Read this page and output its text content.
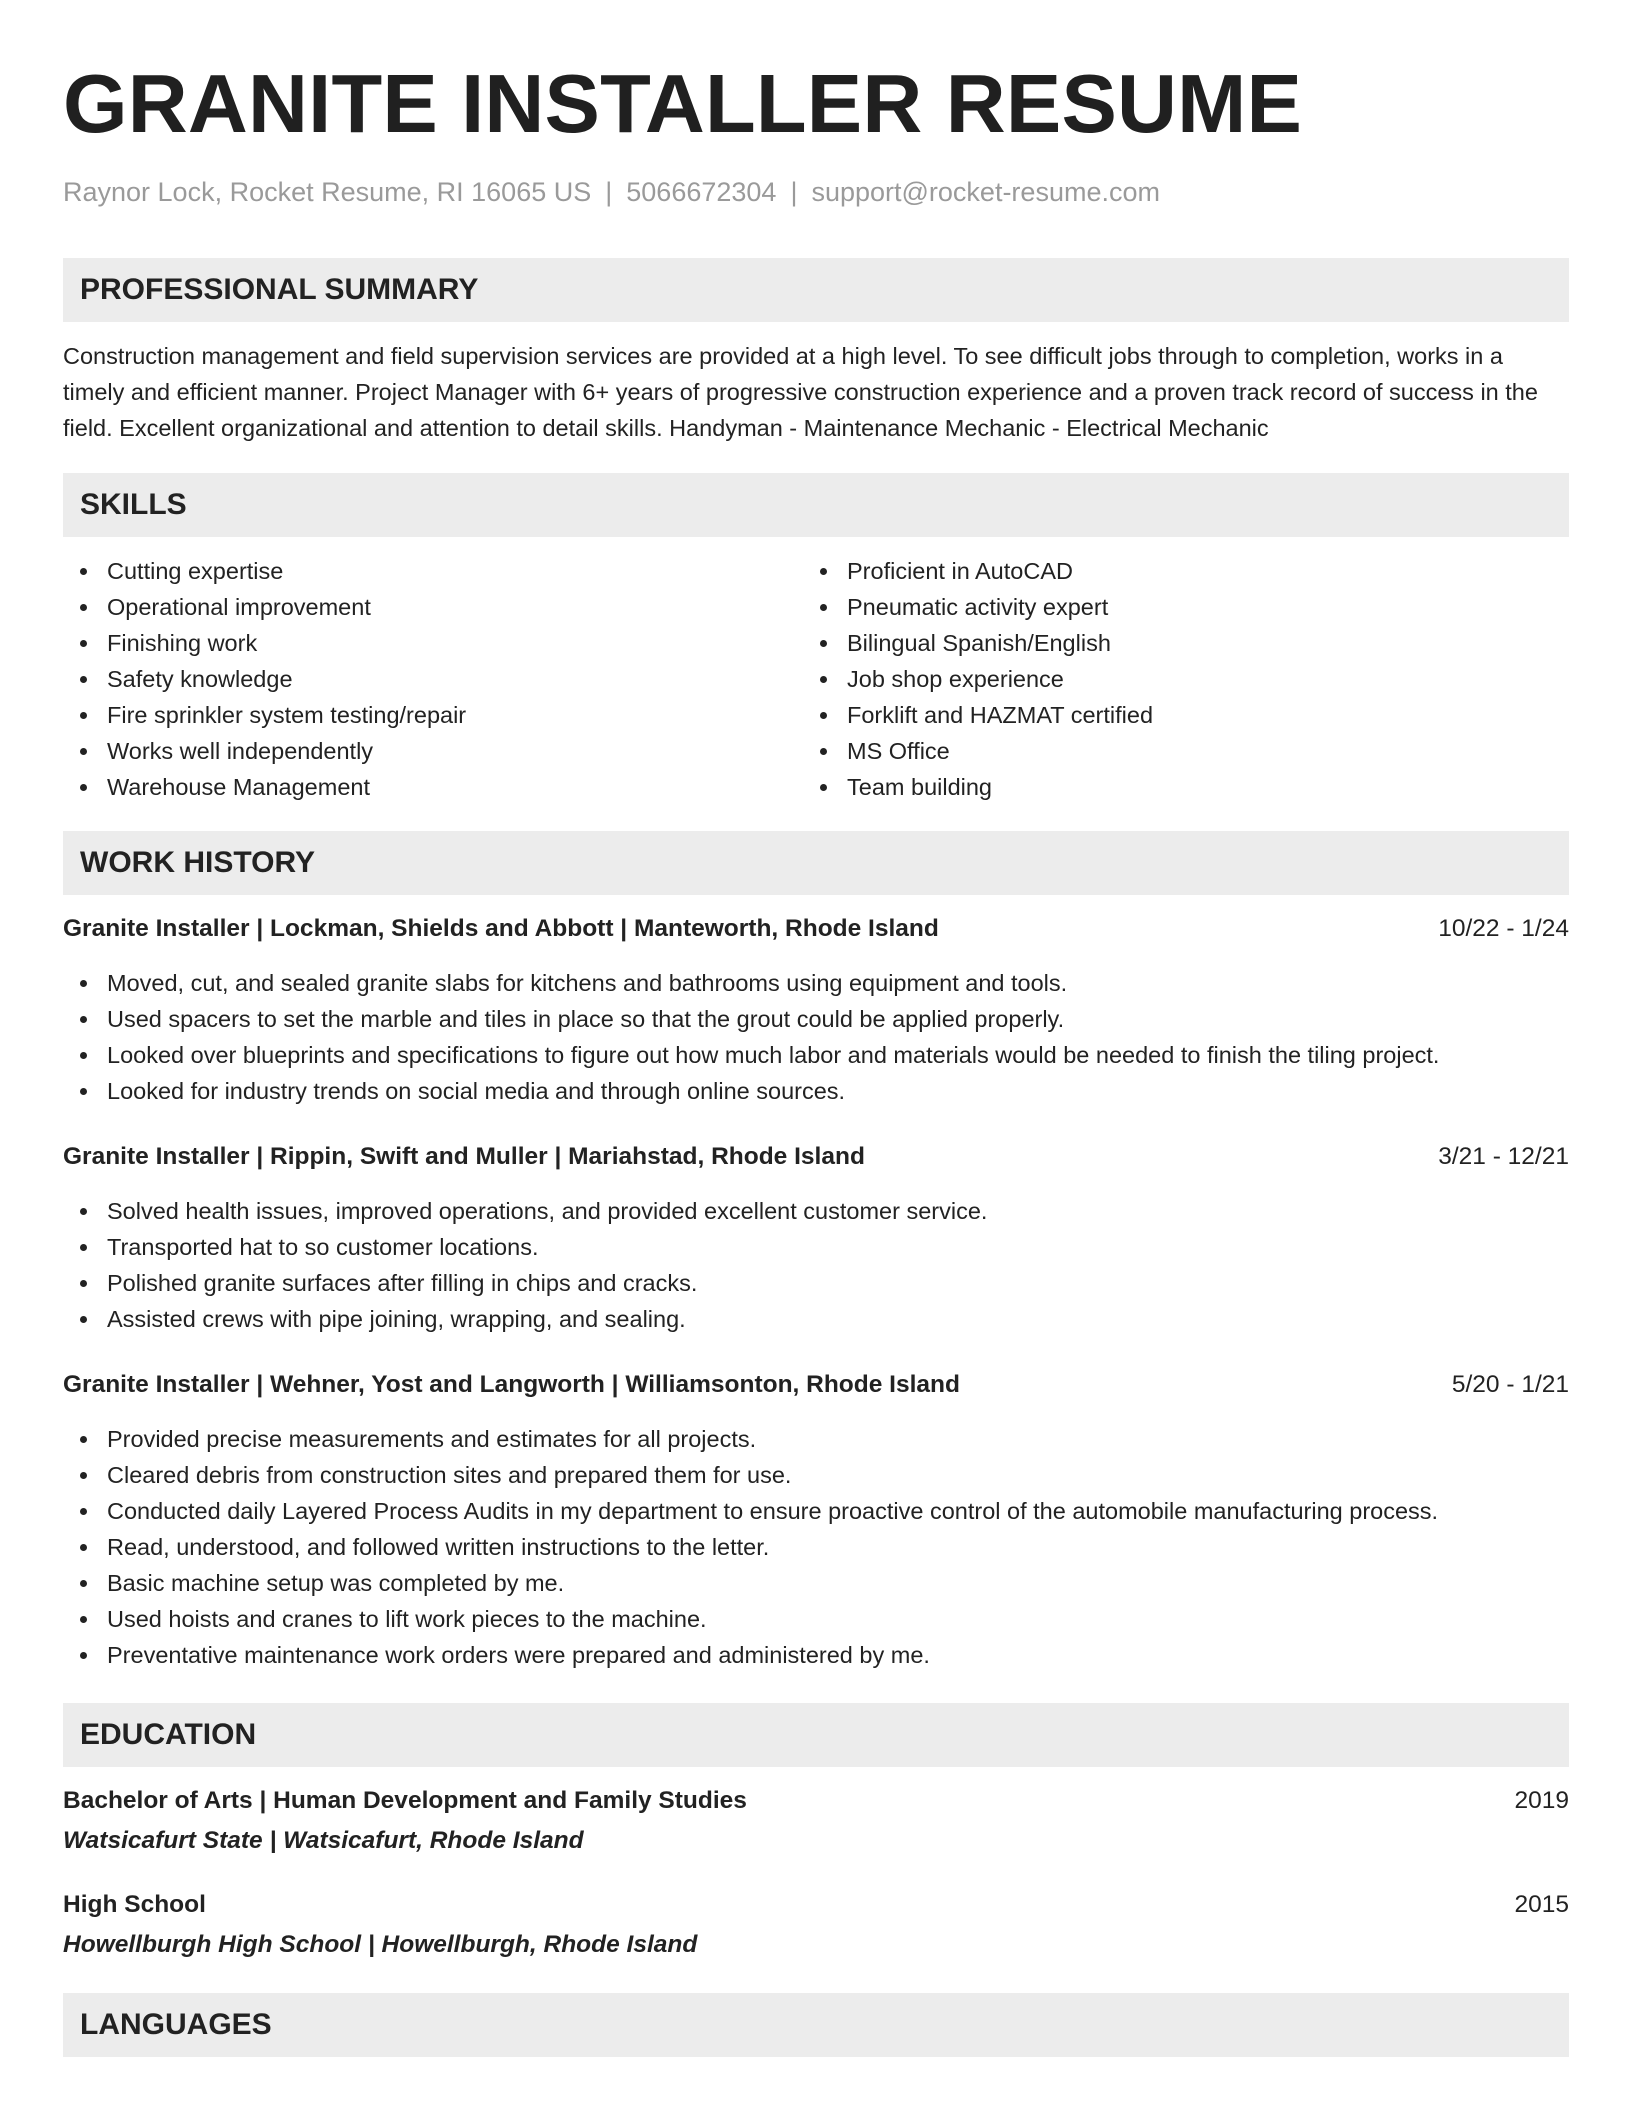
GRANITE INSTALLER RESUME
Raynor Lock, Rocket Resume, RI 16065 US | 5066672304 | support@rocket-resume.com
PROFESSIONAL SUMMARY
Construction management and field supervision services are provided at a high level. To see difficult jobs through to completion, works in a timely and efficient manner. Project Manager with 6+ years of progressive construction experience and a proven track record of success in the field. Excellent organizational and attention to detail skills. Handyman - Maintenance Mechanic - Electrical Mechanic
SKILLS
Cutting expertise
Operational improvement
Finishing work
Safety knowledge
Fire sprinkler system testing/repair
Works well independently
Warehouse Management
Proficient in AutoCAD
Pneumatic activity expert
Bilingual Spanish/English
Job shop experience
Forklift and HAZMAT certified
MS Office
Team building
WORK HISTORY
Granite Installer | Lockman, Shields and Abbott | Manteworth, Rhode Island	10/22 - 1/24
Moved, cut, and sealed granite slabs for kitchens and bathrooms using equipment and tools.
Used spacers to set the marble and tiles in place so that the grout could be applied properly.
Looked over blueprints and specifications to figure out how much labor and materials would be needed to finish the tiling project.
Looked for industry trends on social media and through online sources.
Granite Installer | Rippin, Swift and Muller | Mariahstad, Rhode Island	3/21 - 12/21
Solved health issues, improved operations, and provided excellent customer service.
Transported hat to so customer locations.
Polished granite surfaces after filling in chips and cracks.
Assisted crews with pipe joining, wrapping, and sealing.
Granite Installer | Wehner, Yost and Langworth | Williamsonton, Rhode Island	5/20 - 1/21
Provided precise measurements and estimates for all projects.
Cleared debris from construction sites and prepared them for use.
Conducted daily Layered Process Audits in my department to ensure proactive control of the automobile manufacturing process.
Read, understood, and followed written instructions to the letter.
Basic machine setup was completed by me.
Used hoists and cranes to lift work pieces to the machine.
Preventative maintenance work orders were prepared and administered by me.
EDUCATION
Bachelor of Arts | Human Development and Family Studies	2019
Watsicafurt State | Watsicafurt, Rhode Island
High School	2015
Howellburgh High School | Howellburgh, Rhode Island
LANGUAGES
